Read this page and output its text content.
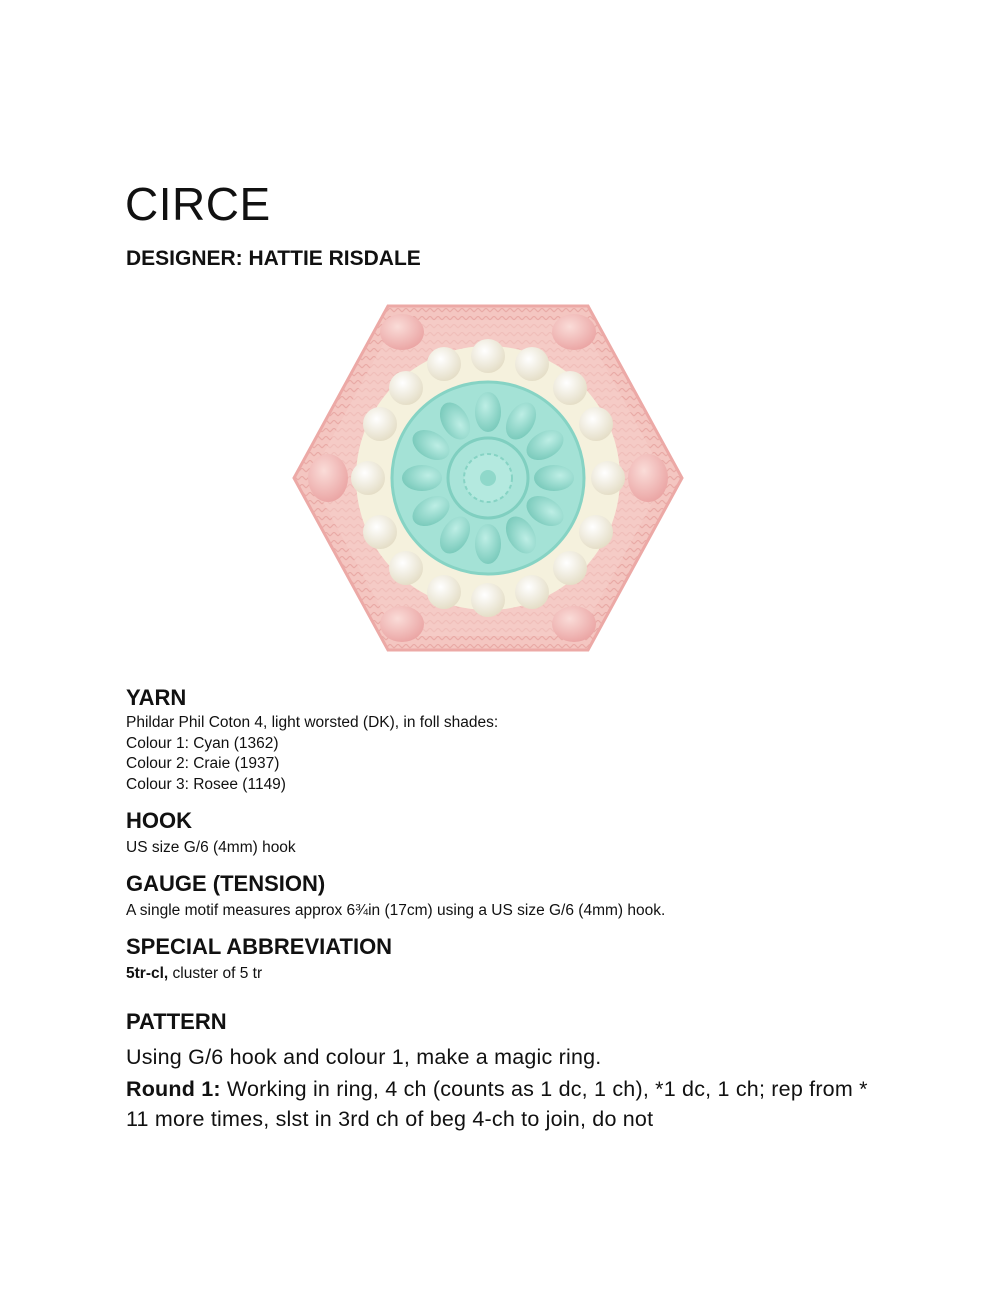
CIRCE
DESIGNER: HATTIE RISDALE
YARN
Phildar Phil Coton 4, light worsted (DK), in foll shades:
Colour 1: Cyan (1362)
Colour 2: Craie (1937)
Colour 3: Rosee (1149)
HOOK

US size G/6 (4mm) hook

GAUGE (TENSION)

A single motif measures approx 6¾in (17cm) using a US size G/6 (4mm) hook.

SPECIAL ABBREVIATION

5tr-cl, cluster of 5 tr

PATTERN

Using G/6 hook and colour 1, make a magic ring.

Round 1: Working in ring, 4 ch (counts as 1 dc, 1 ch), *1 dc, 1 ch; rep from * 11 more times, slst in 3rd ch of beg 4-ch to join, do not
